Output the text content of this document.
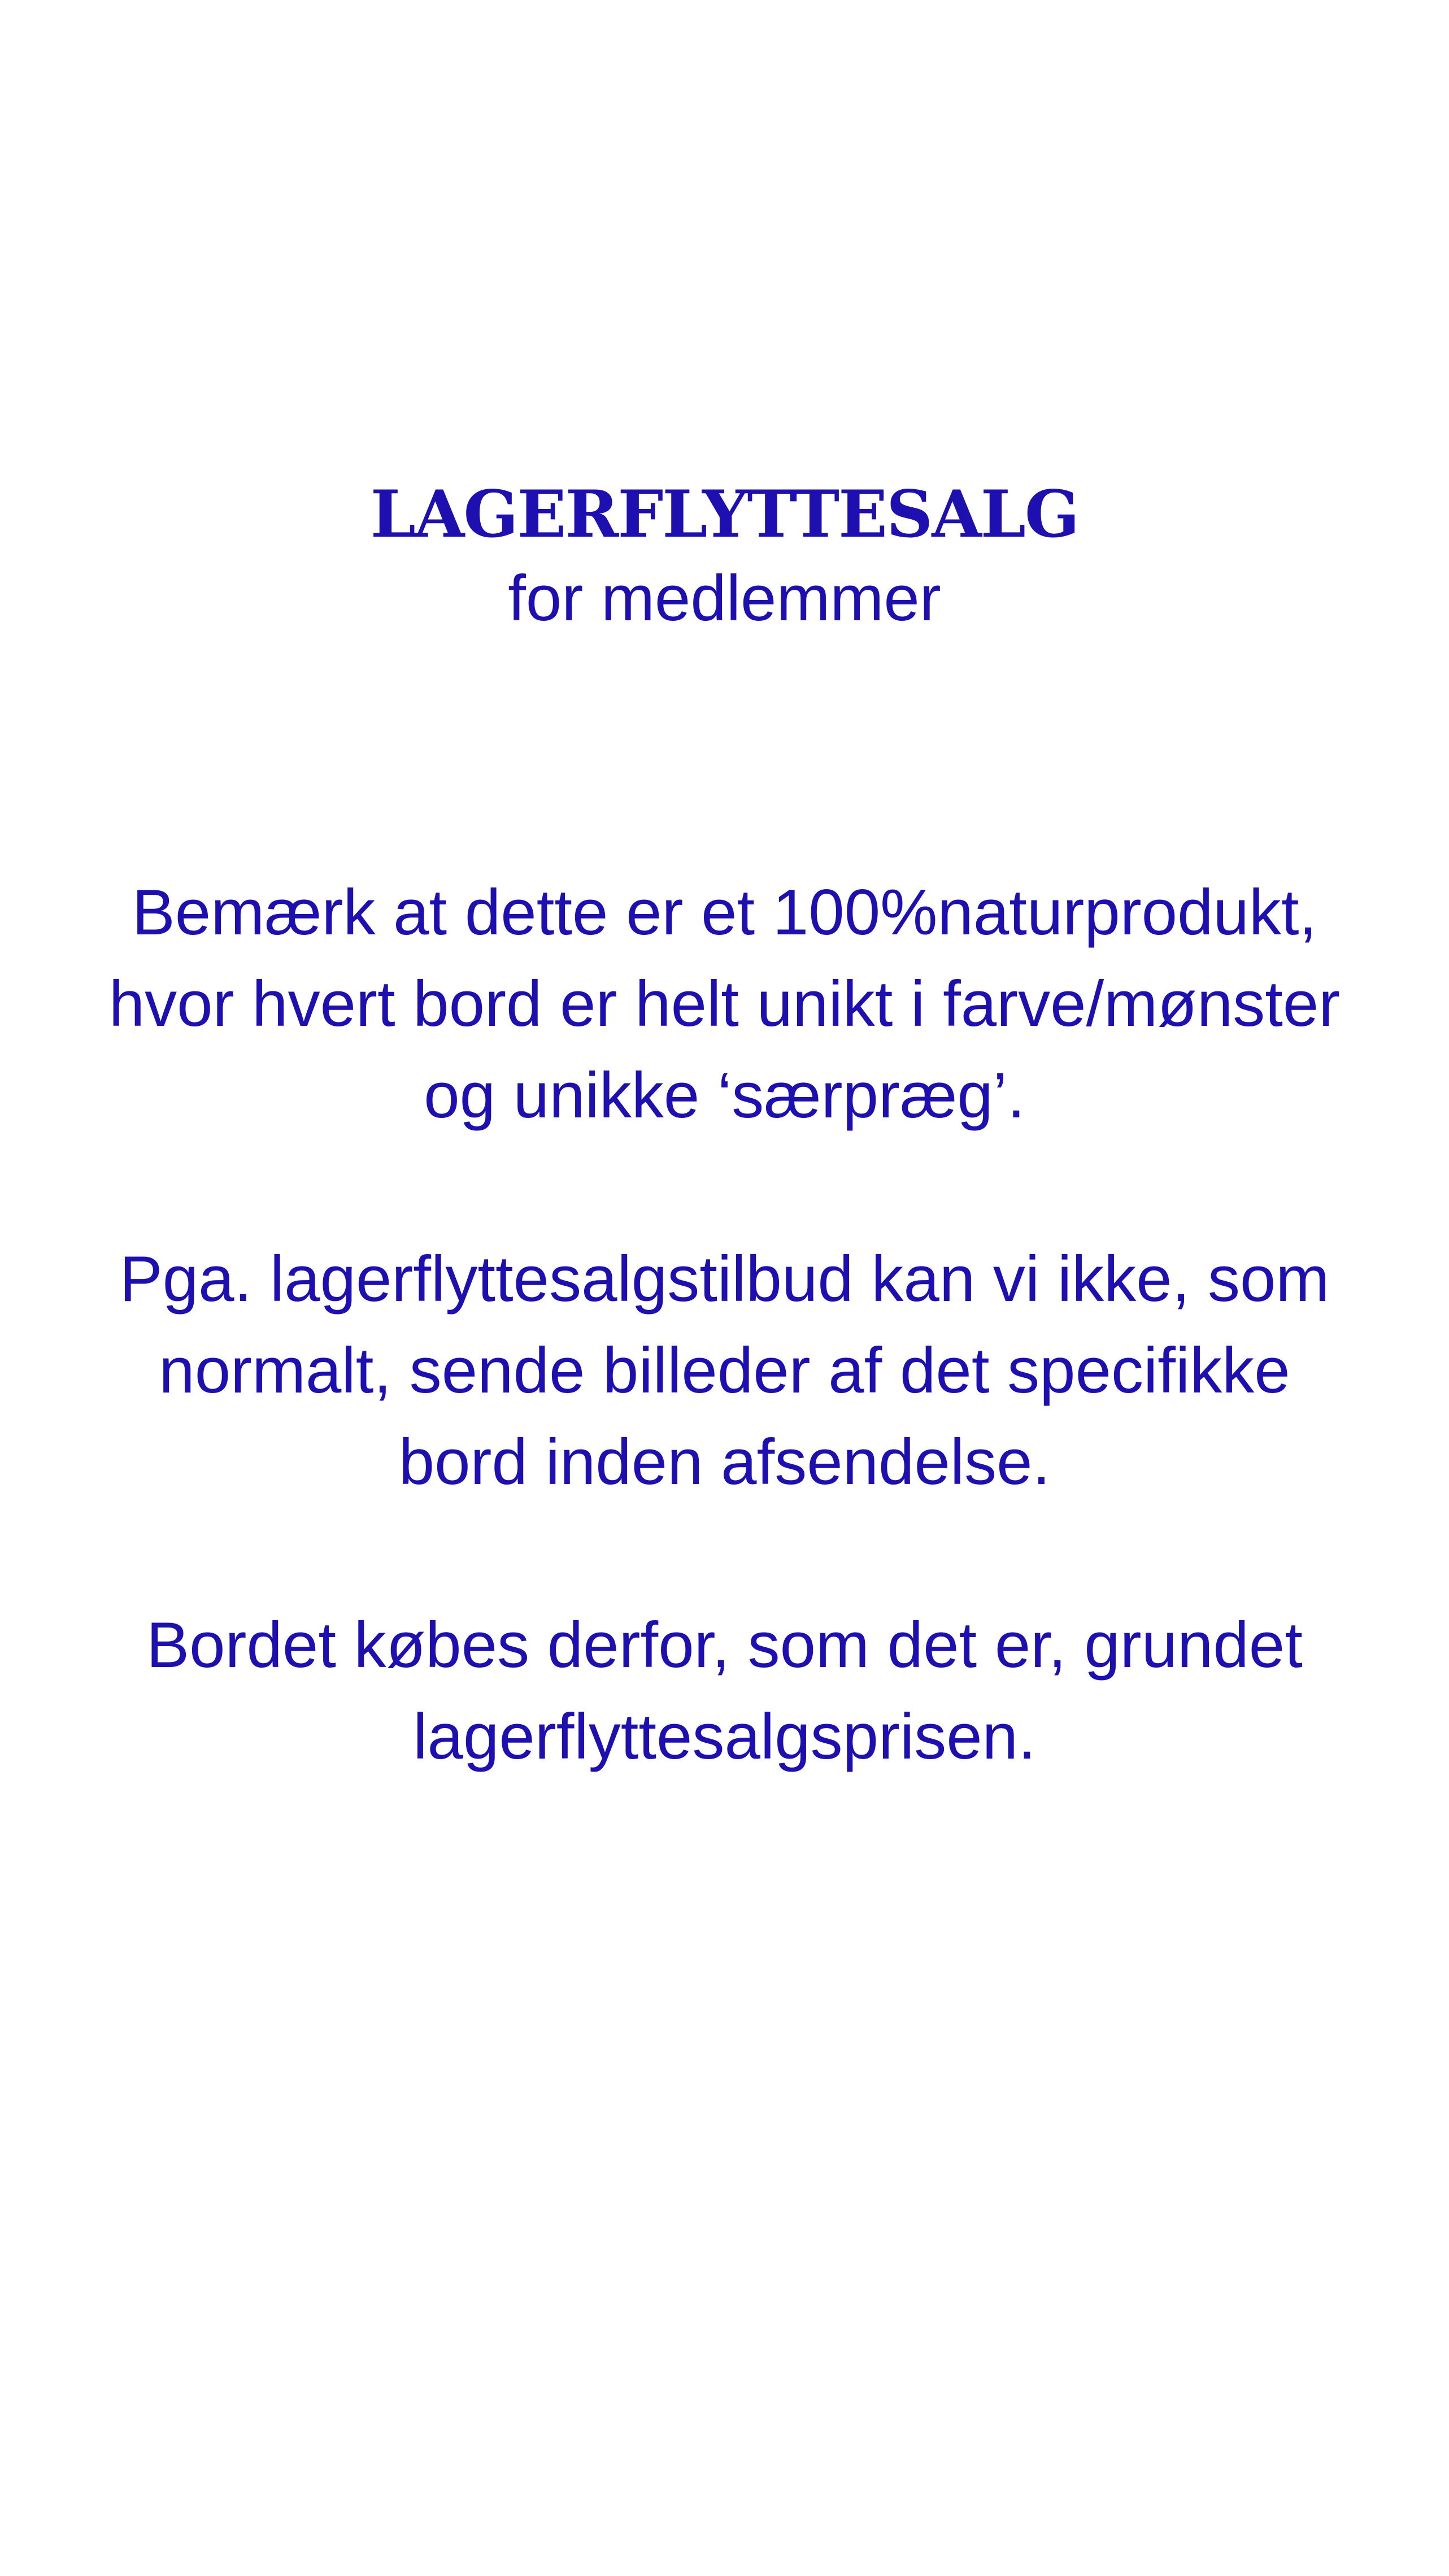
LAGERFLYTTESALG
for medlemmer
Bemærk at dette er et 100%naturprodukt,
hvor hvert bord er helt unikt i farve/mønster
og unikke ‘særpræg’.
Pga. lagerflyttesalgstilbud kan vi ikke, som
normalt, sende billeder af det specifikke
bord inden afsendelse.
Bordet købes derfor, som det er, grundet
lagerflyttesalgsprisen.
